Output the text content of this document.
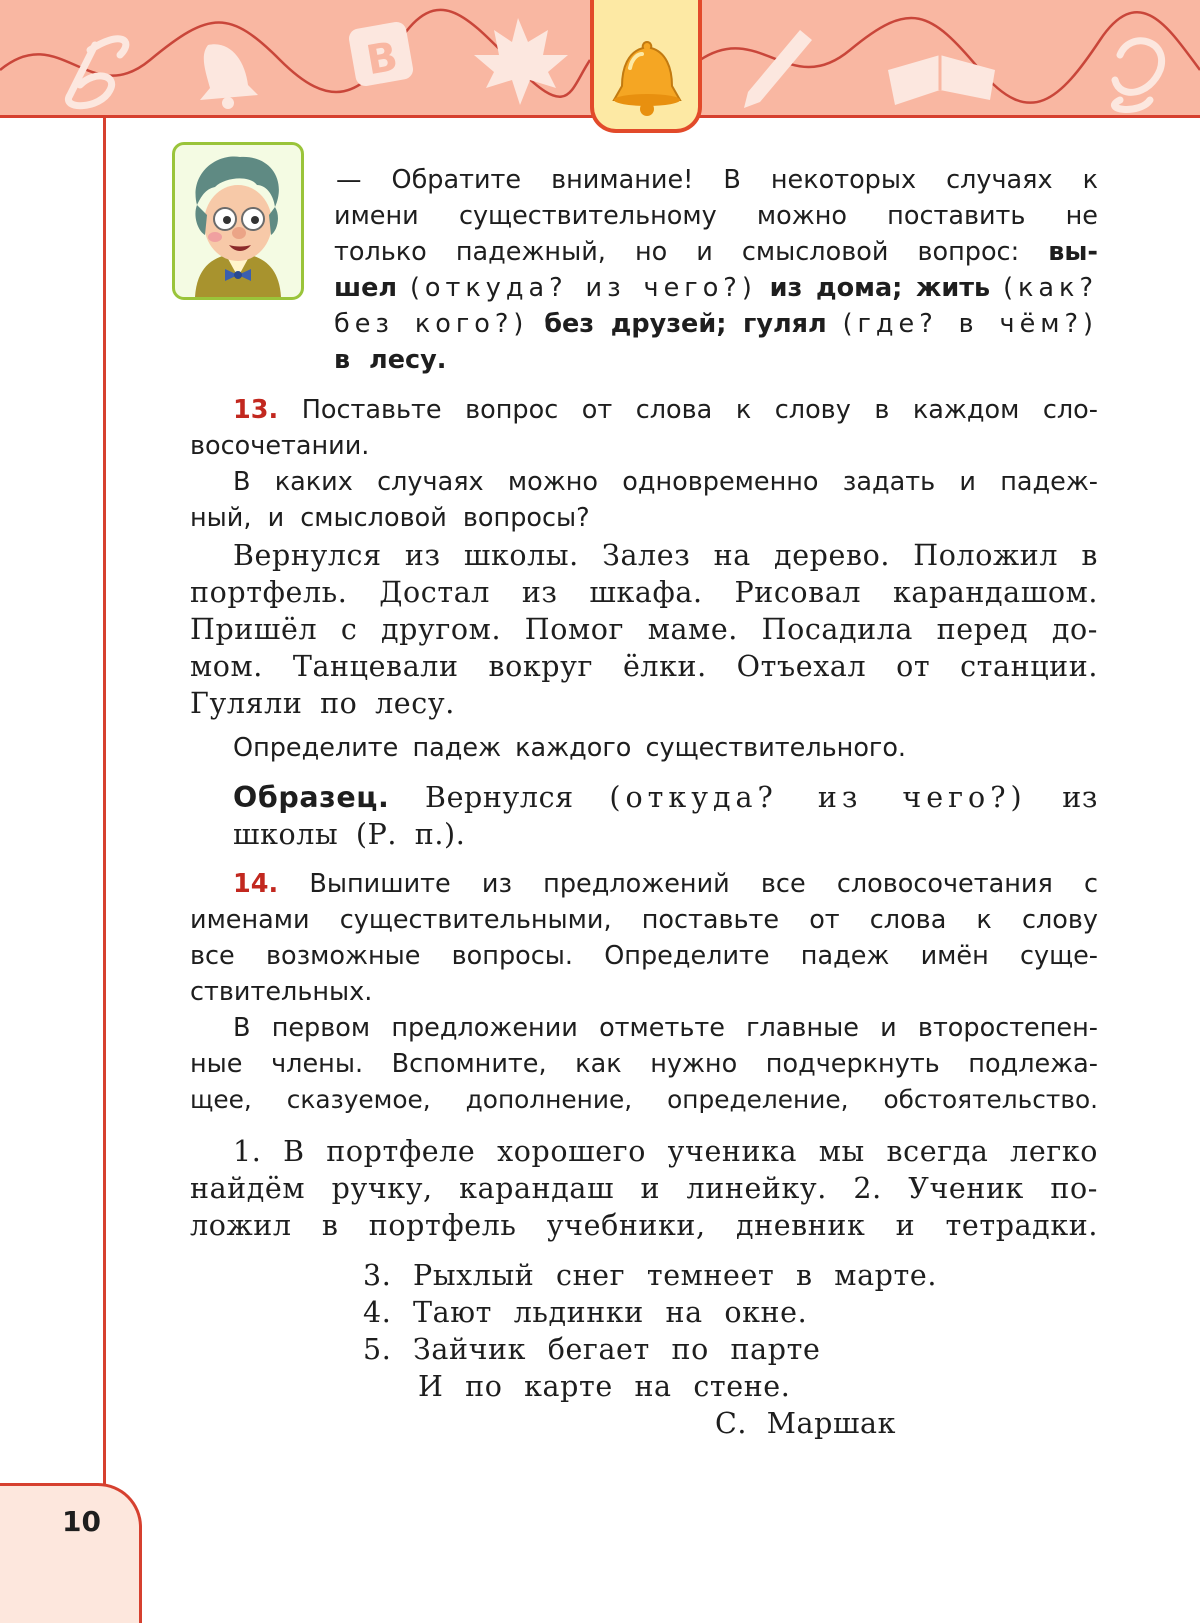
B

— Обратите внимание! В некоторых случаях к

имени существительному можно поставить не

только падежный, но и смысловой вопрос: вы-

шел (откуда? из чего?) из дома; жить (как?

без кого?) без друзей; гулял (где? в чём?)

в лесу.

13. Поставьте вопрос от слова к слову в каждом сло-

восочетании.

В каких случаях можно одновременно задать и падеж-

ный, и смысловой вопросы?

Вернулся из школы. Залез на дерево. Положил в

портфель. Достал из шкафа. Рисовал карандашом.

Пришёл с другом. Помог маме. Посадила перед до-

мом. Танцевали вокруг ёлки. Отъехал от станции.

Гуляли по лесу.

Определите падеж каждого существительного.

Образец. Вернулся (откуда? из чего?) из

школы (Р. п.).

14. Выпишите из предложений все словосочетания с

именами существительными, поставьте от слова к слову

все возможные вопросы. Определите падеж имён суще-

ствительных.

В первом предложении отметьте главные и второстепен-

ные члены. Вспомните, как нужно подчеркнуть подлежа-

щее, сказуемое, дополнение, определение, обстоятельство.

1. В портфеле хорошего ученика мы всегда легко

найдём ручку, карандаш и линейку. 2. Ученик по-

ложил в портфель учебники, дневник и тетрадки.

3. Рыхлый снег темнеет в марте.

4. Тают льдинки на окне.

5. Зайчик бегает по парте

И по карте на стене.

С. Маршак

10
